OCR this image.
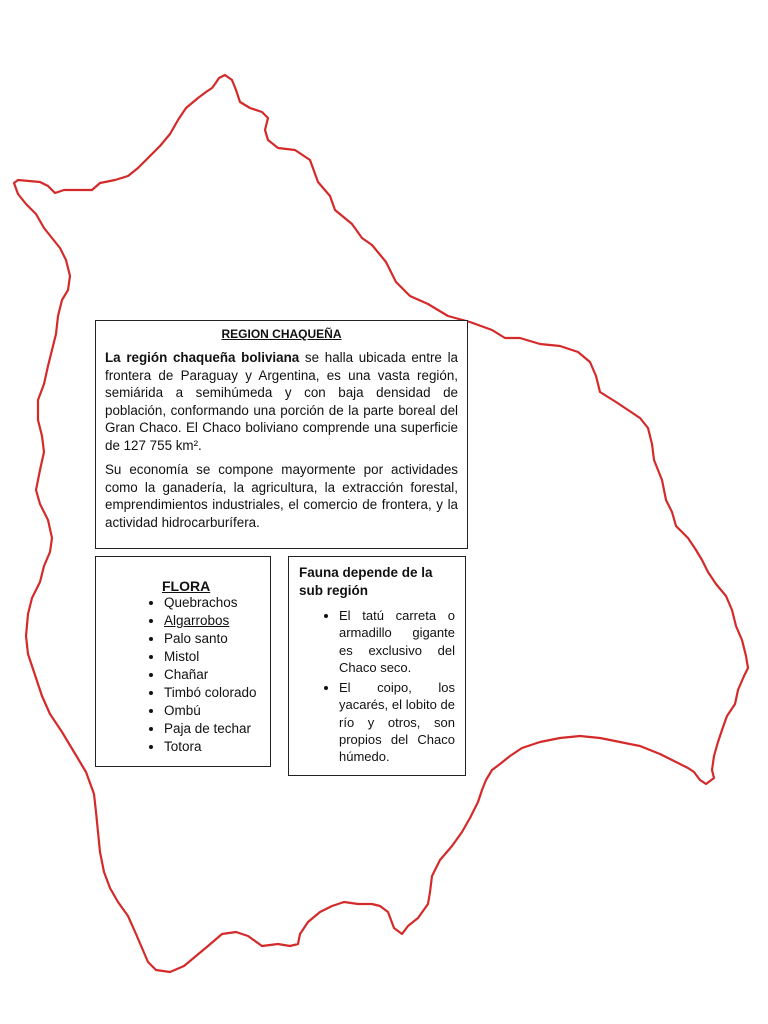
REGION CHAQUEÑA

La región chaqueña boliviana se halla ubicada entre la frontera de Paraguay y Argentina, es una vasta región, semiárida a semihúmeda y con baja densidad de población, conformando una porción de la parte boreal del Gran Chaco. El Chaco boliviano comprende una superficie de 127 755 km².

Su economía se compone mayormente por actividades como la ganadería, la agricultura, la extracción forestal, emprendimientos industriales, el comercio de frontera, y la actividad hidrocarburífera.

FLORA
• Quebrachos
• Algarrobos
• Palo santo
• Mistol
• Chañar
• Timbó colorado
• Ombú
• Paja de techar
• Totora
Fauna depende de la sub región
• El tatú carreta o armadillo gigante es exclusivo del Chaco seco.
• El coipo, los yacarés, el lobito de río y otros, son propios del Chaco húmedo.
